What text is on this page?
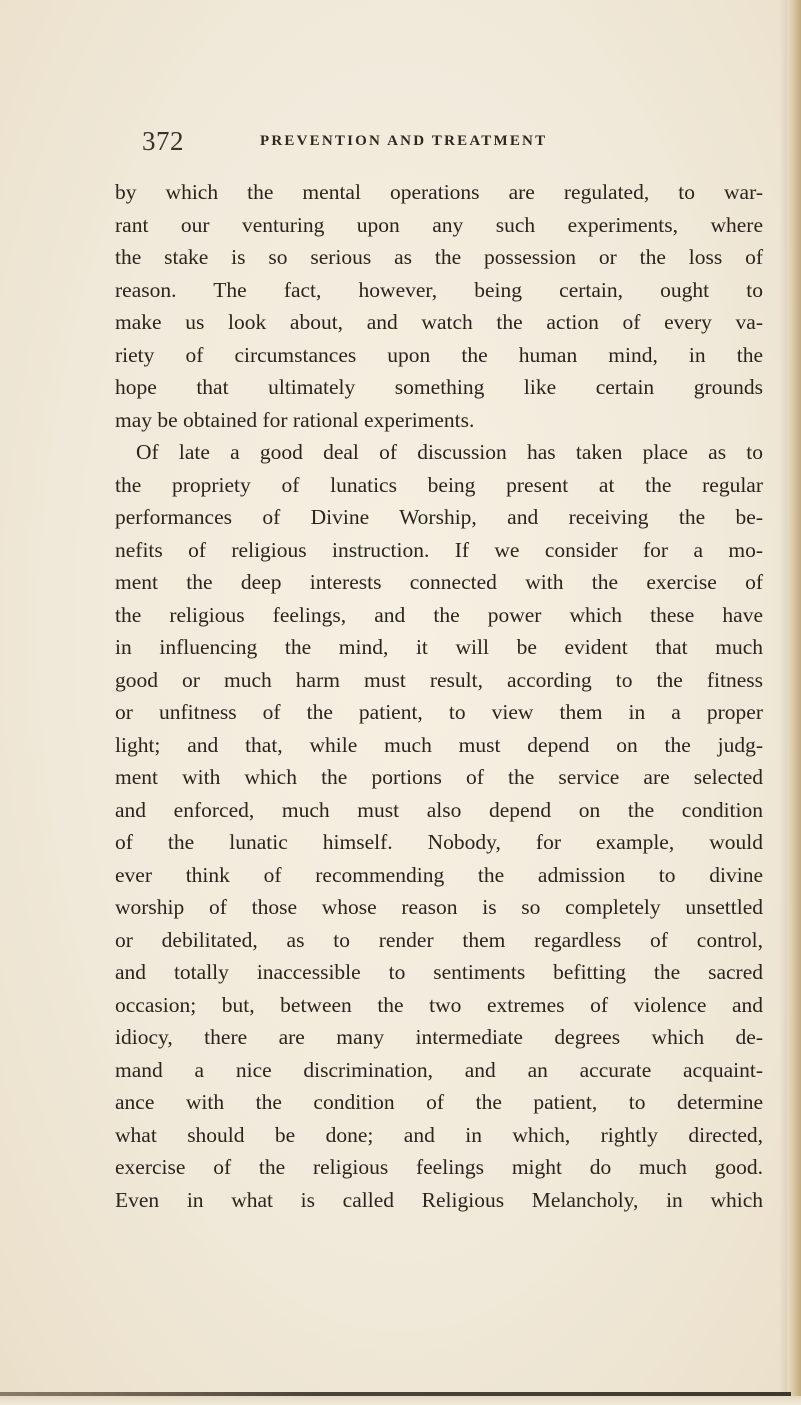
372	PREVENTION AND TREATMENT
by which the mental operations are regulated, to war-
rant our venturing upon any such experiments, where
the stake is so serious as the possession or the loss of
reason. The fact, however, being certain, ought to
make us look about, and watch the action of every va-
riety of circumstances upon the human mind, in the
hope that ultimately something like certain grounds
may be obtained for rational experiments.
Of late a good deal of discussion has taken place as to
the propriety of lunatics being present at the regular
performances of Divine Worship, and receiving the be-
nefits of religious instruction. If we consider for a mo-
ment the deep interests connected with the exercise of
the religious feelings, and the power which these have
in influencing the mind, it will be evident that much
good or much harm must result, according to the fitness
or unfitness of the patient, to view them in a proper
light; and that, while much must depend on the judg-
ment with which the portions of the service are selected
and enforced, much must also depend on the condition
of the lunatic himself. Nobody, for example, would
ever think of recommending the admission to divine
worship of those whose reason is so completely unsettled
or debilitated, as to render them regardless of control,
and totally inaccessible to sentiments befitting the sacred
occasion; but, between the two extremes of violence and
idiocy, there are many intermediate degrees which de-
mand a nice discrimination, and an accurate acquaint-
ance with the condition of the patient, to determine
what should be done; and in which, rightly directed,
exercise of the religious feelings might do much good.
Even in what is called Religious Melancholy, in which
